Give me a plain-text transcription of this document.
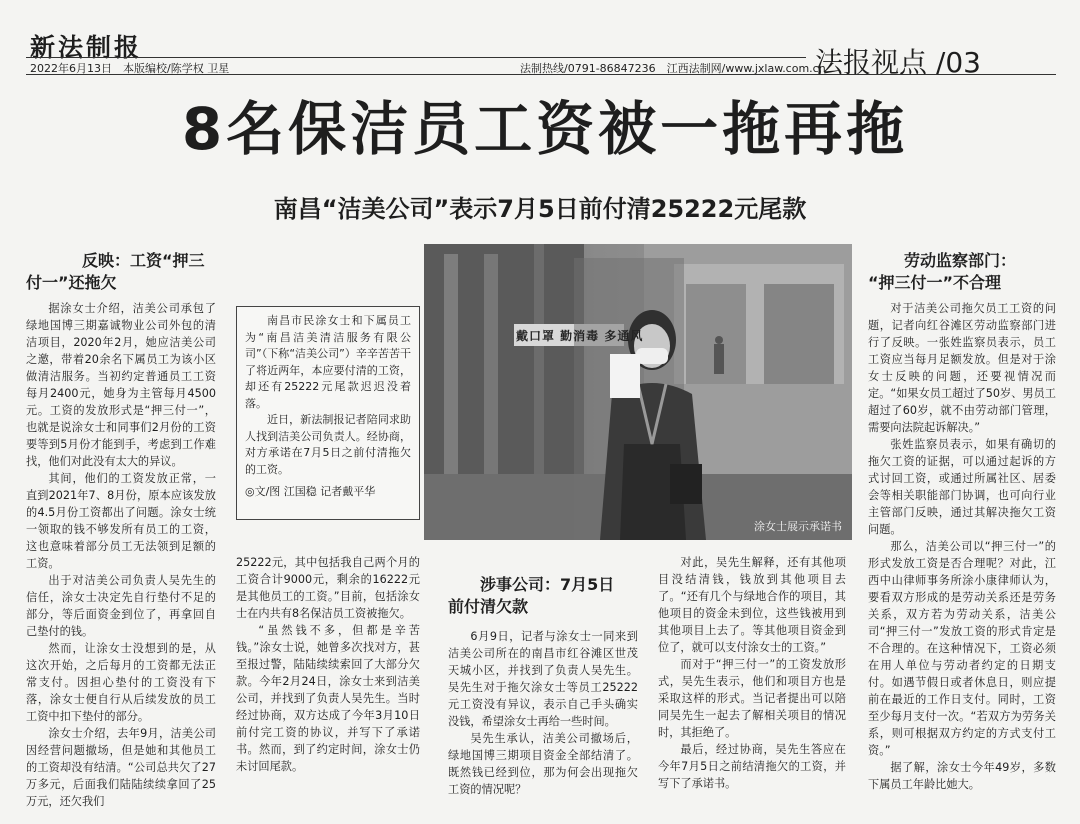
新法制报
2022年6月13日　本版编校/陈学权 卫星	法制热线/0791-86847236　江西法制网/www.jxlaw.com.cn
法报视点 /03
8名保洁员工资被一拖再拖
南昌“洁美公司”表示7月5日前付清25222元尾款
反映：工资“押三付一”还拖欠

据涂女士介绍，洁美公司承包了绿地国博三期嘉诚物业公司外包的清洁项目，2020年2月，她应洁美公司之邀，带着20余名下属员工为该小区做清洁服务。当初约定普通员工工资每月2400元，她身为主管每月4500元。工资的发放形式是“押三付一”，也就是说涂女士和同事们2月份的工资要等到5月份才能到手，考虑到工作难找，他们对此没有太大的异议。

其间，他们的工资发放正常，一直到2021年7、8月份，原本应该发放的4.5月份工资都出了问题。涂女士统一领取的钱不够发所有员工的工资，这也意味着部分员工无法领到足额的工资。

出于对洁美公司负责人吴先生的信任，涂女士决定先自行垫付不足的部分，等后面资金到位了，再拿回自己垫付的钱。

然而，让涂女士没想到的是，从这次开始，之后每月的工资都无法正常支付。因担心垫付的工资没有下落，涂女士便自行从后续发放的员工工资中扣下垫付的部分。

涂女士介绍，去年9月，洁美公司因经营问题撤场，但是她和其他员工的工资却没有结清。“公司总共欠了27万多元，后面我们陆陆续续拿回了25万元，还欠我们

南昌市民涂女士和下属员工为“南昌洁美清洁服务有限公司”（下称“洁美公司”）辛辛苦苦干了将近两年，本应要付清的工资，却还有25222元尾款迟迟没着落。

近日，新法制报记者陪同求助人找到洁美公司负责人。经协商，对方承诺在7月5日之前付清拖欠的工资。

◎文/图 江国稳 记者戴平华

戴口罩 勤消毒 多通风
涂女士展示承诺书

25222元，其中包括我自己两个月的工资合计9000元，剩余的16222元是其他员工的工资。”目前，包括涂女士在内共有8名保洁员工资被拖欠。

“虽然钱不多，但都是辛苦钱。”涂女士说，她曾多次找对方，甚至报过警，陆陆续续索回了大部分欠款。今年2月24日，涂女士来到洁美公司，并找到了负责人吴先生。当时经过协商，双方达成了今年3月10日前付完工资的协议，并写下了承诺书。然而，到了约定时间，涂女士仍未讨回尾款。

涉事公司：7月5日
前付清欠款

6月9日，记者与涂女士一同来到洁美公司所在的南昌市红谷滩区世茂天城小区，并找到了负责人吴先生。吴先生对于拖欠涂女士等员工25222元工资没有异议，表示自己手头确实没钱，希望涂女士再给一些时间。

吴先生承认，洁美公司撤场后，绿地国博三期项目资金全部结清了。既然钱已经到位，那为何会出现拖欠工资的情况呢？

对此，吴先生解释，还有其他项目没结清钱，钱放到其他项目去了。“还有几个与绿地合作的项目，其他项目的资金未到位，这些钱被用到其他项目上去了。等其他项目资金到位了，就可以支付涂女士的工资。”

而对于“押三付一”的工资发放形式，吴先生表示，他们和项目方也是采取这样的形式。当记者提出可以陪同吴先生一起去了解相关项目的情况时，其拒绝了。

最后，经过协商，吴先生答应在今年7月5日之前结清拖欠的工资，并写下了承诺书。

劳动监察部门：
“押三付一”不合理

对于洁美公司拖欠员工工资的问题，记者向红谷滩区劳动监察部门进行了反映。一张姓监察员表示，员工工资应当每月足额发放。但是对于涂女士反映的问题，还要视情况而定。“如果女员工超过了50岁、男员工超过了60岁，就不由劳动部门管理，需要向法院起诉解决。”

张姓监察员表示，如果有确切的拖欠工资的证据，可以通过起诉的方式讨回工资，或通过所属社区、居委会等相关职能部门协调，也可向行业主管部门反映，通过其解决拖欠工资问题。

那么，洁美公司以“押三付一”的形式发放工资是否合理呢？对此，江西中山律师事务所涂小康律师认为，要看双方形成的是劳动关系还是劳务关系，双方若为劳动关系，洁美公司“押三付一”发放工资的形式肯定是不合理的。在这种情况下，工资必须在用人单位与劳动者约定的日期支付。如遇节假日或者休息日，则应提前在最近的工作日支付。同时，工资至少每月支付一次。“若双方为劳务关系，则可根据双方约定的方式支付工资。”

据了解，涂女士今年49岁，多数下属员工年龄比她大。
